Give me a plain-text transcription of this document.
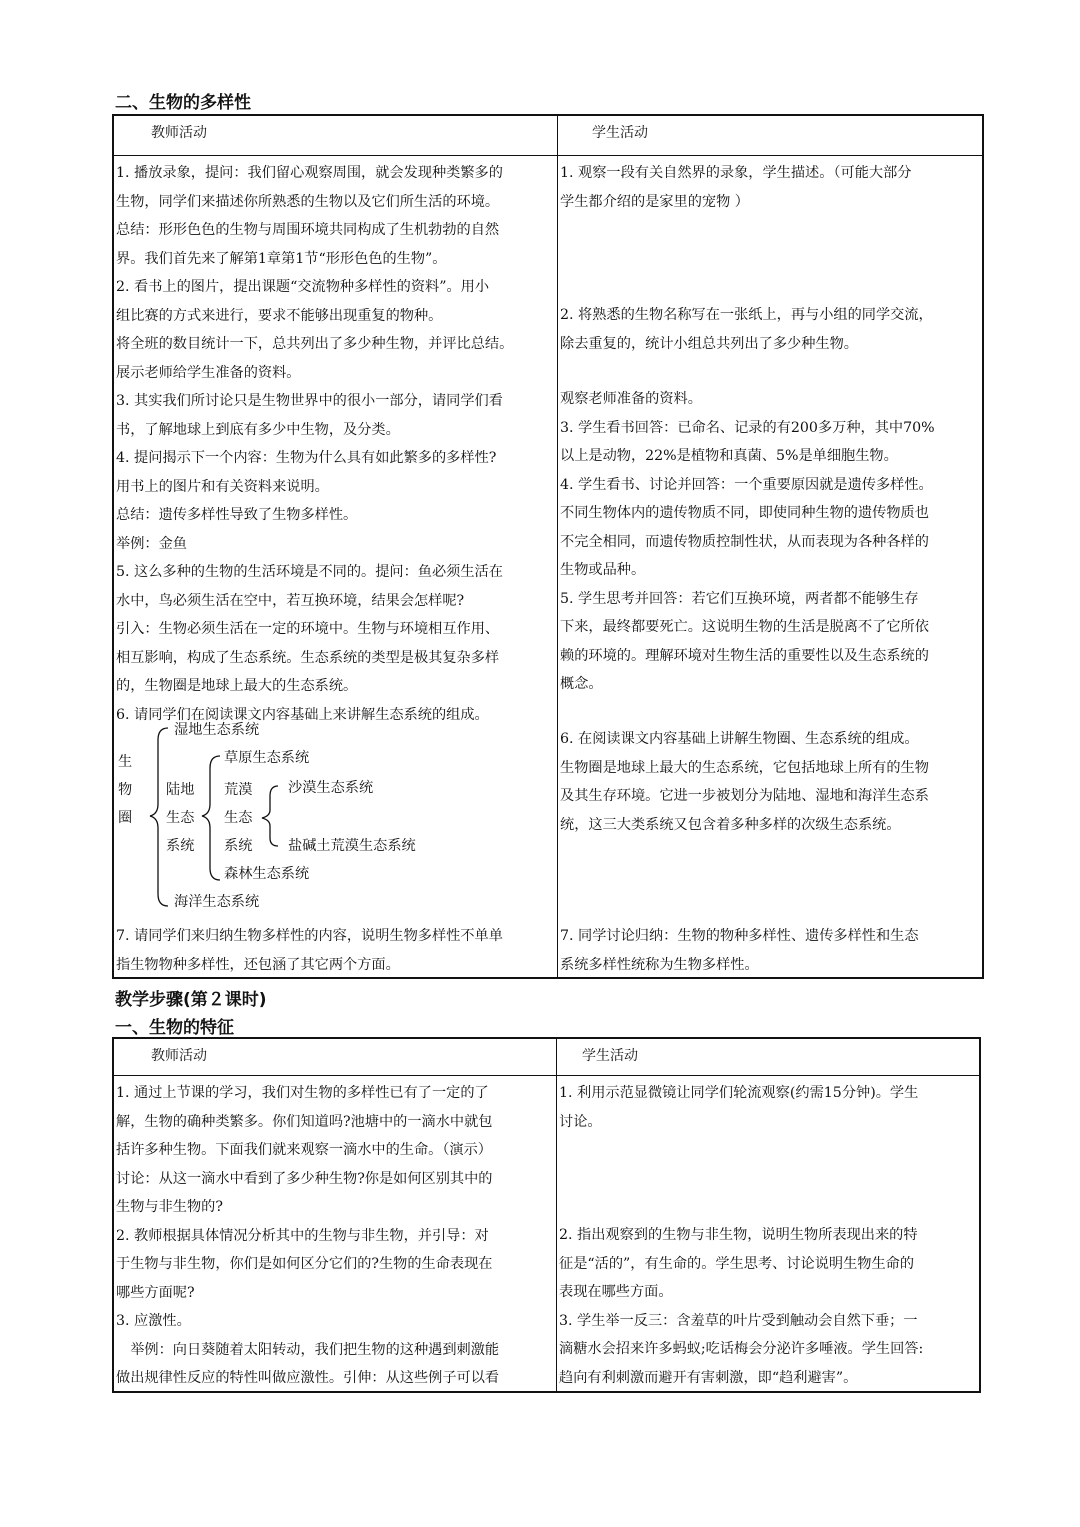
二、生物的多样性
教师活动	学生活动

1. 播放录象，提问：我们留心观察周围，就会发现种类繁多的

生物，同学们来描述你所熟悉的生物以及它们所生活的环境。

总结：形形色色的生物与周围环境共同构成了生机勃勃的自然

界。我们首先来了解第1章第1节“形形色色的生物”。

2. 看书上的图片，提出课题“交流物种多样性的资料”。用小

组比赛的方式来进行，要求不能够出现重复的物种。

将全班的数目统计一下，总共列出了多少种生物，并评比总结。

展示老师给学生准备的资料。

3. 其实我们所讨论只是生物世界中的很小一部分，请同学们看

书，了解地球上到底有多少中生物，及分类。

4. 提问揭示下一个内容：生物为什么具有如此繁多的多样性?

用书上的图片和有关资料来说明。

总结：遗传多样性导致了生物多样性。

举例：金鱼

5. 这么多种的生物的生活环境是不同的。提问：鱼必须生活在

水中，鸟必须生活在空中，若互换环境，结果会怎样呢?

引入：生物必须生活在一定的环境中。生物与环境相互作用、

相互影响，构成了生态系统。生态系统的类型是极其复杂多样

的，生物圈是地球上最大的生态系统。

6. 请同学们在阅读课文内容基础上来讲解生态系统的组成。

生
物
圈
湿地生态系统
陆地
生态
系统
草原生态系统
荒漠
生态
系统
沙漠生态系统
盐碱土荒漠生态系统
森林生态系统
海洋生态系统

7. 请同学们来归纳生物多样性的内容，说明生物多样性不单单

指生物物种多样性，还包涵了其它两个方面。

1. 观察一段有关自然界的录象，学生描述。（可能大部分

学生都介绍的是家里的宠物 ）

2. 将熟悉的生物名称写在一张纸上，再与小组的同学交流，

除去重复的，统计小组总共列出了多少种生物。

观察老师准备的资料。

3. 学生看书回答：已命名、记录的有200多万种，其中70%

以上是动物，22%是植物和真菌、5%是单细胞生物。

4. 学生看书、讨论并回答：一个重要原因就是遗传多样性。

不同生物体内的遗传物质不同，即使同种生物的遗传物质也

不完全相同，而遗传物质控制性状，从而表现为各种各样的

生物或品种。

5. 学生思考并回答：若它们互换环境，两者都不能够生存

下来，最终都要死亡。这说明生物的生活是脱离不了它所依

赖的环境的。理解环境对生物生活的重要性以及生态系统的

概念。

6. 在阅读课文内容基础上讲解生物圈、生态系统的组成。

生物圈是地球上最大的生态系统，它包括地球上所有的生物

及其生存环境。它进一步被划分为陆地、湿地和海洋生态系

统，这三大类系统又包含着多种多样的次级生态系统。

7. 同学讨论归纳：生物的物种多样性、遗传多样性和生态

系统多样性统称为生物多样性。

教学步骤(第２课时)
一、生物的特征
教师活动	学生活动

1. 通过上节课的学习，我们对生物的多样性已有了一定的了

解，生物的确种类繁多。你们知道吗?池塘中的一滴水中就包

括许多种生物。下面我们就来观察一滴水中的生命。（演示）

讨论：从这一滴水中看到了多少种生物?你是如何区别其中的

生物与非生物的?

2. 教师根据具体情况分析其中的生物与非生物，并引导：对

于生物与非生物，你们是如何区分它们的?生物的生命表现在

哪些方面呢?

3. 应激性。

　举例：向日葵随着太阳转动，我们把生物的这种遇到刺激能

做出规律性反应的特性叫做应激性。引伸：从这些例子可以看

1. 利用示范显微镜让同学们轮流观察(约需15分钟)。学生

讨论。

2. 指出观察到的生物与非生物，说明生物所表现出来的特

征是“活的”，有生命的。学生思考、讨论说明生物生命的

表现在哪些方面。

3. 学生举一反三：含羞草的叶片受到触动会自然下垂；一

滴糖水会招来许多蚂蚁;吃话梅会分泌许多唾液。学生回答:

趋向有利刺激而避开有害刺激，即“趋利避害”。
